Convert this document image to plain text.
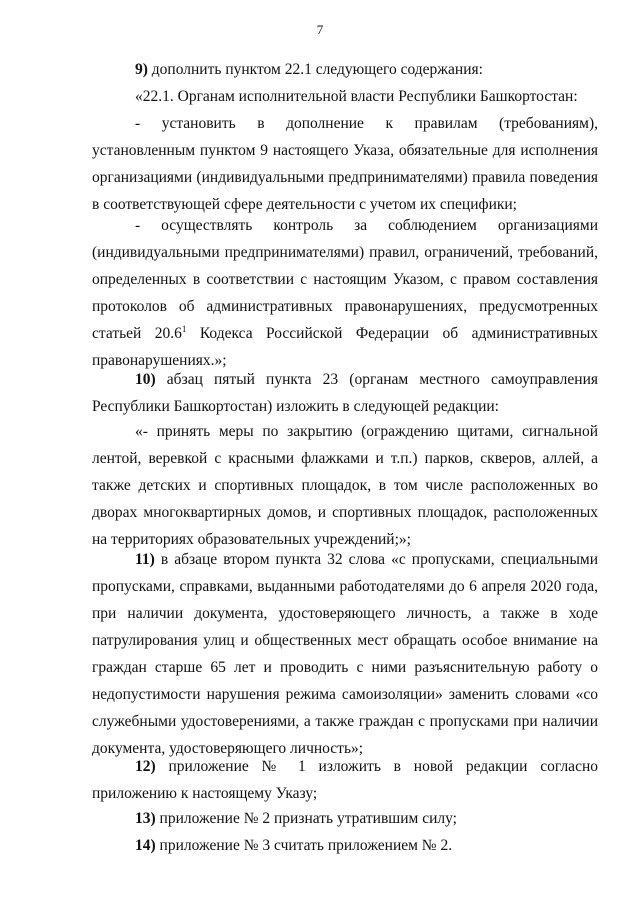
7

9) дополнить пунктом 22.1 следующего содержания:

«22.1. Органам исполнительной власти Республики Башкортостан:

- установить в дополнение к правилам (требованиям), установленным пунктом 9 настоящего Указа, обязательные для исполнения организациями (индивидуальными предпринимателями) правила поведения в соответствующей сфере деятельности с учетом их специфики;

- осуществлять контроль за соблюдением организациями (индивидуальными предпринимателями) правил, ограничений, требований, определенных в соответствии с настоящим Указом, с правом составления протоколов об административных правонарушениях, предусмотренных статьей 20.6$^1$ Кодекса Российской Федерации об административных правонарушениях.»;

10) абзац пятый пункта 23 (органам местного самоуправления Республики Башкортостан) изложить в следующей редакции:

«- принять меры по закрытию (ограждению щитами, сигнальной лентой, веревкой с красными флажками и т.п.) парков, скверов, аллей, а также детских и спортивных площадок, в том числе расположенных во дворах многоквартирных домов, и спортивных площадок, расположенных на территориях образовательных учреждений;»;

11) в абзаце втором пункта 32 слова «с пропусками, специальными пропусками, справками, выданными работодателями до 6 апреля 2020 года, при наличии документа, удостоверяющего личность, а также в ходе патрулирования улиц и общественных мест обращать особое внимание на граждан старше 65 лет и проводить с ними разъяснительную работу о недопустимости нарушения режима самоизоляции» заменить словами «со служебными удостоверениями, а также граждан с пропусками при наличии документа, удостоверяющего личность»;

12) приложение № 1 изложить в новой редакции согласно приложению к настоящему Указу;

13) приложение № 2 признать утратившим силу;

14) приложение № 3 считать приложением № 2.
